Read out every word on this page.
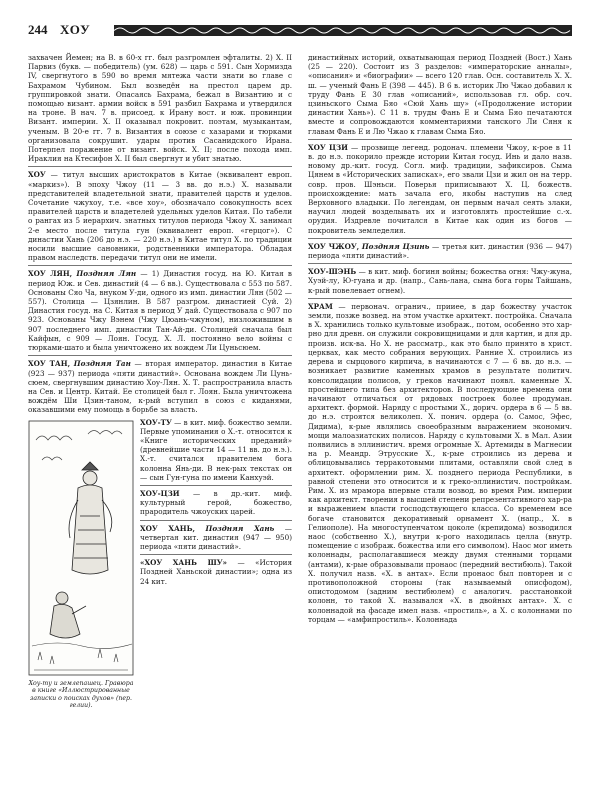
244 ХОУ

захвачен Йемен; на В. в 60-х гг. был разгромлен эфталиты. 2) Х. II Парвиз (букв. — победитель) (ум. 628) — царь с 591. Сын Хормизда IV, свергнутого в 590 во время мятежа части знати во главе с Бахрамом Чубином. Был возведён на престол царем др. группировкой знати. Опасаясь Бахрама, бежал в Византию и с помощью визант. армии войск в 591 разбил Бахрама и утвердился на троне. В нач. 7 в. присоед. к Ирану вост. и юж. провинции Визант. империи. Х. II оказывал покровит. поэтам, музыкантам, ученым. В 20-е гг. 7 в. Византия в союзе с хазарами и тюрками организовала сокрушит. удары против Сасанидского Ирана. Потерпел поражение от визант. войск. Х. II; после похода имп. Ираклия на Ктесифон Х. II был свергнут и убит знатью.

ХОУ — титул высших аристократов в Китае (эквивалент европ. «маркиз»). В эпоху Чжоу (11 — 3 вв. до н.э.) Х. называли представителей владетельной знати, правителей царств и уделов. Сочетание чжухоу, т.е. «все хоу», обозначало совокупность всех правителей царств и владетелей удельных уделов Китая. По табели о рангах из 5 иерархич. знатных титулов периода Чжоу Х. занимал 2-е место после титула гун (эквивалент европ. «герцог»). С династии Хань (206 до н.э. — 220 н.э.) в Китае титул Х. по традиции носили высшие сановники, родственники императора. Обладая правом наследств. передачи титул они не имели.

ХОУ ЛЯН, Поздняя Лян — 1) Династия госуд. на Ю. Китая в период Юж. и Сев. династий (4 — 6 вв.). Существовала с 553 по 587. Основаны Сяо Ча, внуком У-ди, одного из имп. династии Лян (502 — 557). Столица — Цзянлин. В 587 разгром. династией Суй. 2) Династия госуд. на С. Китая в период У дай. Существовала с 907 по 923. Основаны Чжу Вэнем (Чжу Цюань-чжуном), низложившим в 907 последнего имп. династии Тан-Ай-ди. Столицей сначала был Кайфын, с 909 — Лоян. Госуд. Х. Л. постоянно вело войны с тюрками-шато и была уничтожено их вождем Ли Цуньсюем.

ХОУ ТАН, Поздняя Тан — вторая император. династия в Китае (923 — 937) периода «пяти династий». Основана вождем Ли Цунь-сюем, свергнувшим династию Хоу-Лян. Х. Т. распространила власть на Сев. и Центр. Китай. Ее столицей был г. Лоян. Была уничтожена вождём Ши Цзин-таном, к-рый вступил в союз с киданями, оказавшими ему помощь в борьбе за власть.

Хоу-ту и землепашец. Гравюра в книге «Иллюстрированные записки о поисках духов» (пер. гелии).

ХОУ-ТУ — в кит. миф. божество земли. Первые упоминания о Х.-т. относятся к «Книге исторических преданий» (древнейшие части 14 — 11 вв. до н.э.). Х.-т. считался правителем бога колонна Янь-ди. В нек-рых текстах он — сын Гун-гуна по имени Канхуэй.

ХОУ-ЦЗИ — в др.-кит. миф. культурный герой, божество, прародитель чжоуских царей.

ХОУ ХАНЬ, Поздняя Хань — четвертая кит. династия (947 — 950) периода «пяти династий».

«ХОУ ХАНЬ ШУ» — «История Поздней Ханьской династии»; одна из 24 кит.

династийных историй, охватывающая период Поздней (Вост.) Хань (25 — 220). Состоит из 3 разделов: «императорские анналы», «описания» и «биографии» — всего 120 глав. Осн. составитель Х. Х. ш. — ученый Фань Е (398 — 445). В 6 в. историк Лю Чжао добавил к труду Фань Е 30 глав «описаний», использовав гл. обр. соч. цзиньского Сыма Бяо «Сюй Хань шу» («Продолжение истории династии Хань»). С 11 в. труды Фань Е и Сыма Бяо печатаются вместе и сопровождаются комментариями танского Ли Сяня к главам Фань Е и Лю Чжао к главам Сыма Бяо.

ХОУ ЦЗИ — прозвище легенд. родонач. племени Чжоу, к-рое в 11 в. до н.э. покорило прежде истории Китая госуд. Инь и дало назв. новому др.-кит. госуд. Согл. миф. традиции, зафиксиров. Сыма Цянем в «Исторических записках», его звали Цзи и жил он на терр. совр. пров. Шэньси. Поверья приписывают Х. Ц. божеств. происхождение: мать зачала его, якобы наступив на след Верховного владыки. По легендам, он первым начал сеять злаки, научил людей возделывать их и изготовлять простейшие с.-х. орудия. Издревле почитался в Китае как один из богов — покровитель земледелия.

ХОУ ЧЖОУ, Поздняя Цзинь — третья кит. династия (936 — 947) периода «пяти династий».

ХОУ-ШЭНЬ — в кит. миф. богиня войны; божества огня: Чжу-жуна, Хуэй-лу, Ю-гуана и др. (напр., Сань-лана, сына бога горы Тайшань, к-рый повелевает огнем).

ХРАМ — первонач. огранич., прииее, в дар божеству участок земли, позже возвед. на этом участке архитект. постройка. Сначала в Х. хранились только культовые изображ., потом, особенно это хар-рно для древн. он служили сокровищницами и для картин, и для др. произв. иск-ва. Но Х. не рассматр., как это было принято в христ. церквах, как место собрания верующих. Ранние Х. строились из дерева и сырцового кирпича, в начинаются с 7 — 6 вв. до н.э. — возникает развитие каменных храмов в результате политич. консолидации полисов, у греков начинают появл. каменные Х. простейшего типа без архитекторов. В последующие времена они начинают отличаться от рядовых построек более продуман. архитект. формой. Наряду с простыми Х., дорич. ордера в 6 — 5 вв. до н.э. строятся великолеп. Х. понич. ордера (о. Самос, Эфес, Дидима), к-рые являлись своеобразным выражением экономич. мощи малоазиатских полисов. Наряду с культовыми Х. в Мал. Азии появились в эллинистич. время огромные Х. Артемиды в Магнесии на р. Меандр. Этрусские Х., к-рые строились из дерева и облицовывались терракотовыми плитами, оставляли свой след в архитект. оформлении рим. Х. позднего периода Республики, в равной степени это относится и к греко-эллинистич. постройкам. Рим. Х. из мрамора впервые стали возвод. во время Рим. империи как архитект. творения в высшей степени репрезентативного хар-ра и выражением власти господствующего класса. Со временем все богаче становится декоративный орнамент Х. (напр., Х. в Гелиополе). На многоступенчатом цоколе (крепидома) возводился наос (собственно Х.), внутри к-рого находилась целла (внутр. помещение с изображ. божества или его символом). Наос мог иметь колоннады, располагавшиеся между двумя стенными торцами (антами), к-рые образовывали пронаос (передний вестибюль). Такой Х. получил назв. «Х. в антах». Если пронаос был повторен и с противоположной стороны (так называемый описфодом), опистодомом (задним вестибюлем) с аналогич. расстановкой колонн, то такой Х. назывался «Х. в двойных антах». Х. с колоннадой на фасаде имел назв. «простиль», а Х. с колоннами по торцам — «амфипростиль». Колоннада
